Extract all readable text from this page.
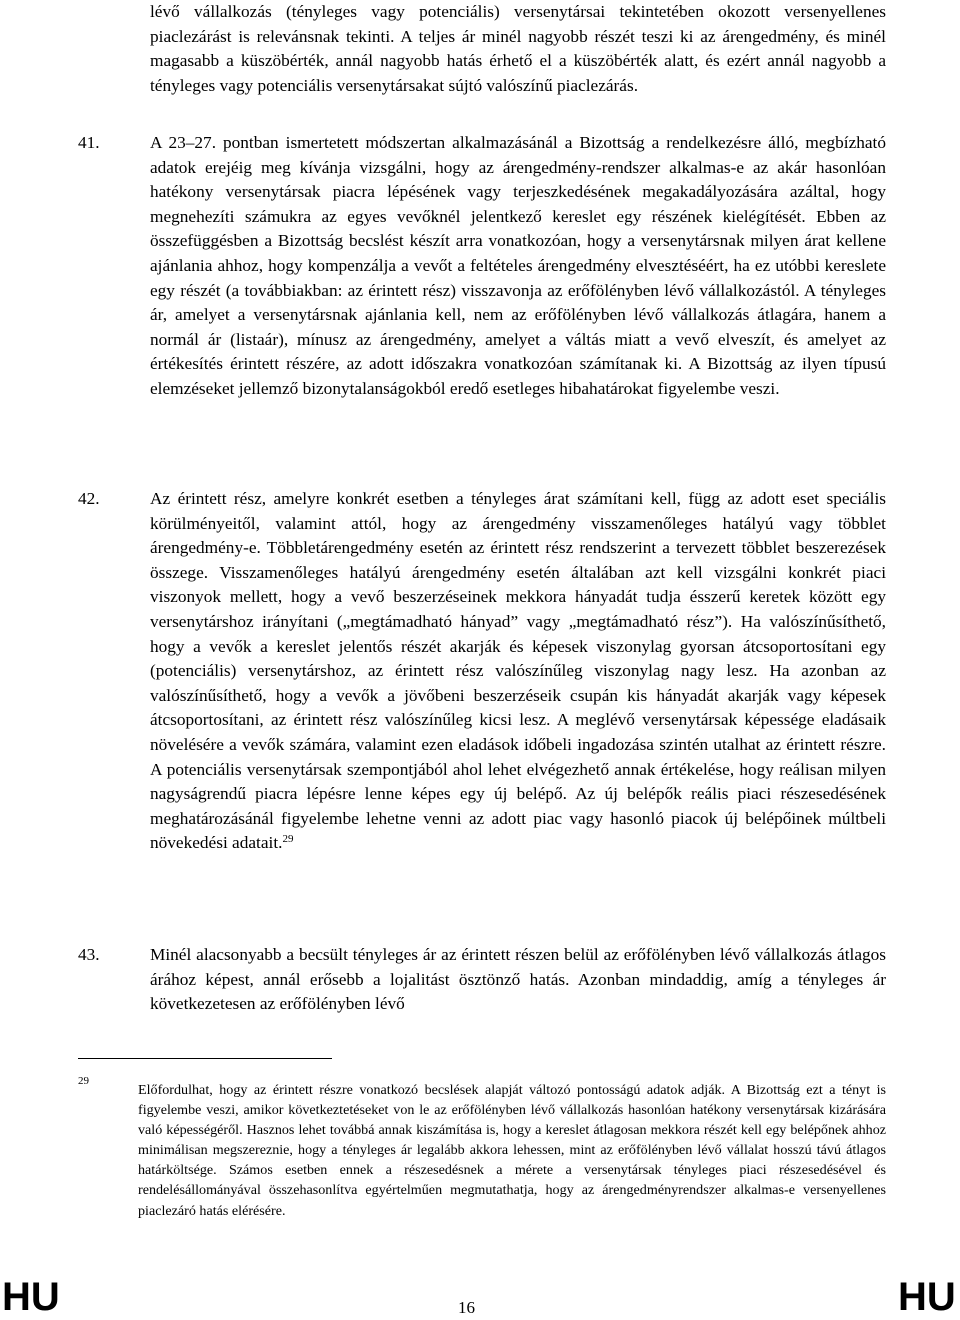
lévő vállalkozás (tényleges vagy potenciális) versenytársai tekintetében okozott versenyellenes piaclezárást is relevánsnak tekinti. A teljes ár minél nagyobb részét teszi ki az árengedmény, és minél magasabb a küszöbérték, annál nagyobb hatás érhető el a küszöbérték alatt, és ezért annál nagyobb a tényleges vagy potenciális versenytársakat sújtó valószínű piaclezárás.
41.	A 23–27. pontban ismertetett módszertan alkalmazásánál a Bizottság a rendelkezésre álló, megbízható adatok erejéig meg kívánja vizsgálni, hogy az árengedmény-rendszer alkalmas-e az akár hasonlóan hatékony versenytársak piacra lépésének vagy terjeszkedésének megakadályozására azáltal, hogy megnehezíti számukra az egyes vevőknél jelentkező kereslet egy részének kielégítését. Ebben az összefüggésben a Bizottság becslést készít arra vonatkozóan, hogy a versenytársnak milyen árat kellene ajánlania ahhoz, hogy kompenzálja a vevőt a feltételes árengedmény elvesztéséért, ha ez utóbbi kereslete egy részét (a továbbiakban: az érintett rész) visszavonja az erőfölényben lévő vállalkozástól. A tényleges ár, amelyet a versenytársnak ajánlania kell, nem az erőfölényben lévő vállalkozás átlagára, hanem a normál ár (listaár), mínusz az árengedmény, amelyet a váltás miatt a vevő elveszít, és amelyet az értékesítés érintett részére, az adott időszakra vonatkozóan számítanak ki. A Bizottság az ilyen típusú elemzéseket jellemző bizonytalanságokból eredő esetleges hibahatárokat figyelembe veszi.
42.	Az érintett rész, amelyre konkrét esetben a tényleges árat számítani kell, függ az adott eset speciális körülményeitől, valamint attól, hogy az árengedmény visszamenőleges hatályú vagy többlet árengedmény-e. Többletárengedmény esetén az érintett rész rendszerint a tervezett többlet beszerezések összege. Visszamenőleges hatályú árengedmény esetén általában azt kell vizsgálni konkrét piaci viszonyok mellett, hogy a vevő beszerzéseinek mekkora hányadát tudja ésszerű keretek között egy versenytárshoz irányítani („megtámadható hányad” vagy „megtámadható rész”). Ha valószínűsíthető, hogy a vevők a kereslet jelentős részét akarják és képesek viszonylag gyorsan átcsoportosítani egy (potenciális) versenytárshoz, az érintett rész valószínűleg viszonylag nagy lesz. Ha azonban az valószínűsíthető, hogy a vevők a jövőbeni beszerzéseik csupán kis hányadát akarják vagy képesek átcsoportosítani, az érintett rész valószínűleg kicsi lesz. A meglévő versenytársak képessége eladásaik növelésére a vevők számára, valamint ezen eladások időbeli ingadozása szintén utalhat az érintett részre. A potenciális versenytársak szempontjából ahol lehet elvégezhető annak értékelése, hogy reálisan milyen nagyságrendű piacra lépésre lenne képes egy új belépő. Az új belépők reális piaci részesedésének meghatározásánál figyelembe lehetne venni az adott piac vagy hasonló piacok új belépőinek múltbeli növekedési adatait.$^{29}$
43.	Minél alacsonyabb a becsült tényleges ár az érintett részen belül az erőfölényben lévő vállalkozás átlagos árához képest, annál erősebb a lojalitást ösztönző hatás. Azonban mindaddig, amíg a tényleges ár következetesen az erőfölényben lévő
29
Előfordulhat, hogy az érintett részre vonatkozó becslések alapját változó pontosságú adatok adják. A Bizottság ezt a tényt is figyelembe veszi, amikor következtetéseket von le az erőfölényben lévő vállalkozás hasonlóan hatékony versenytársak kizárására való képességéről. Hasznos lehet továbbá annak kiszámítása is, hogy a kereslet átlagosan mekkora részét kell egy belépőnek ahhoz minimálisan megszereznie, hogy a tényleges ár legalább akkora lehessen, mint az erőfölényben lévő vállalat hosszú távú átlagos határköltsége. Számos esetben ennek a részesedésnek a mérete a versenytársak tényleges piaci részesedésével és rendelésállományával összehasonlítva egyértelműen megmutathatja, hogy az árengedményrendszer alkalmas-e versenyellenes piaclezáró hatás elérésére.
HU	16	HU
